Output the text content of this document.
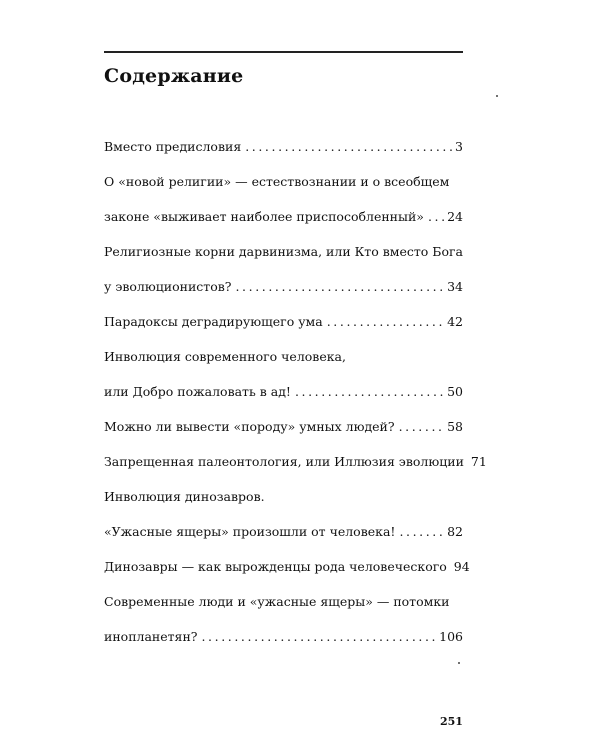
Содержание
Вместо предисловия .....	3
О «новой религии» — естествознании и о всеобщем
законе «выживает наиболее приспособленный» ..... 24
Религиозные корни дарвинизма, или Кто вместо Бога
у эволюционистов? .....	34
Парадоксы деградирующего ума .....	42
Инволюция современного человека,
или Добро пожаловать в ад! .....	50
Можно ли вывести «породу» умных людей? .....	58
Запрещенная палеонтология, или Иллюзия эволюции 71
Инволюция динозавров.
«Ужасные ящеры» произошли от человека! .....	82
Динозавры — как вырожденцы рода человеческого 94
Современные люди и «ужасные ящеры» — потомки
инопланетян? .....	106
251
